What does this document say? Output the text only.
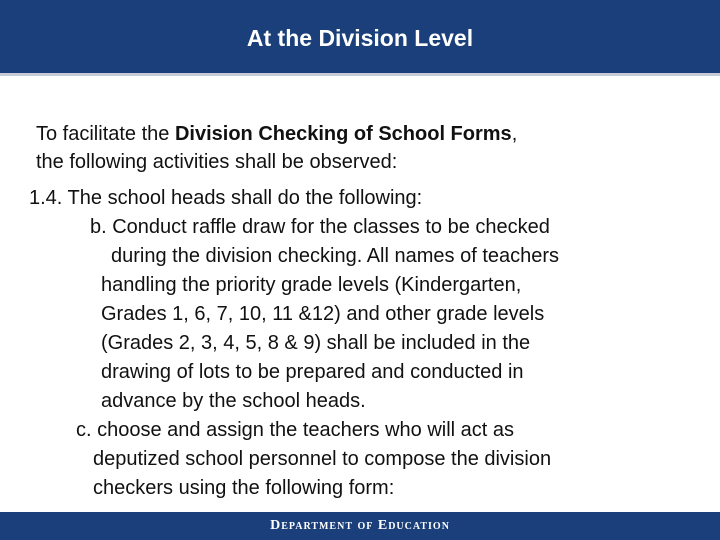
At the Division Level
To facilitate the Division Checking of School Forms,
the following activities shall be observed:
1.4. The school heads shall do the following:
b. Conduct raffle draw for the classes to be checked
during the division checking. All names of teachers
handling the priority grade levels (Kindergarten,
Grades 1, 6, 7, 10, 11 &12) and other grade levels
(Grades 2, 3, 4, 5, 8 & 9) shall be included in the
drawing of lots to be prepared and conducted in
advance by the school heads.
c. choose and assign the teachers who will act as
deputized school personnel to compose the division
checkers using the following form:
Department of Education
